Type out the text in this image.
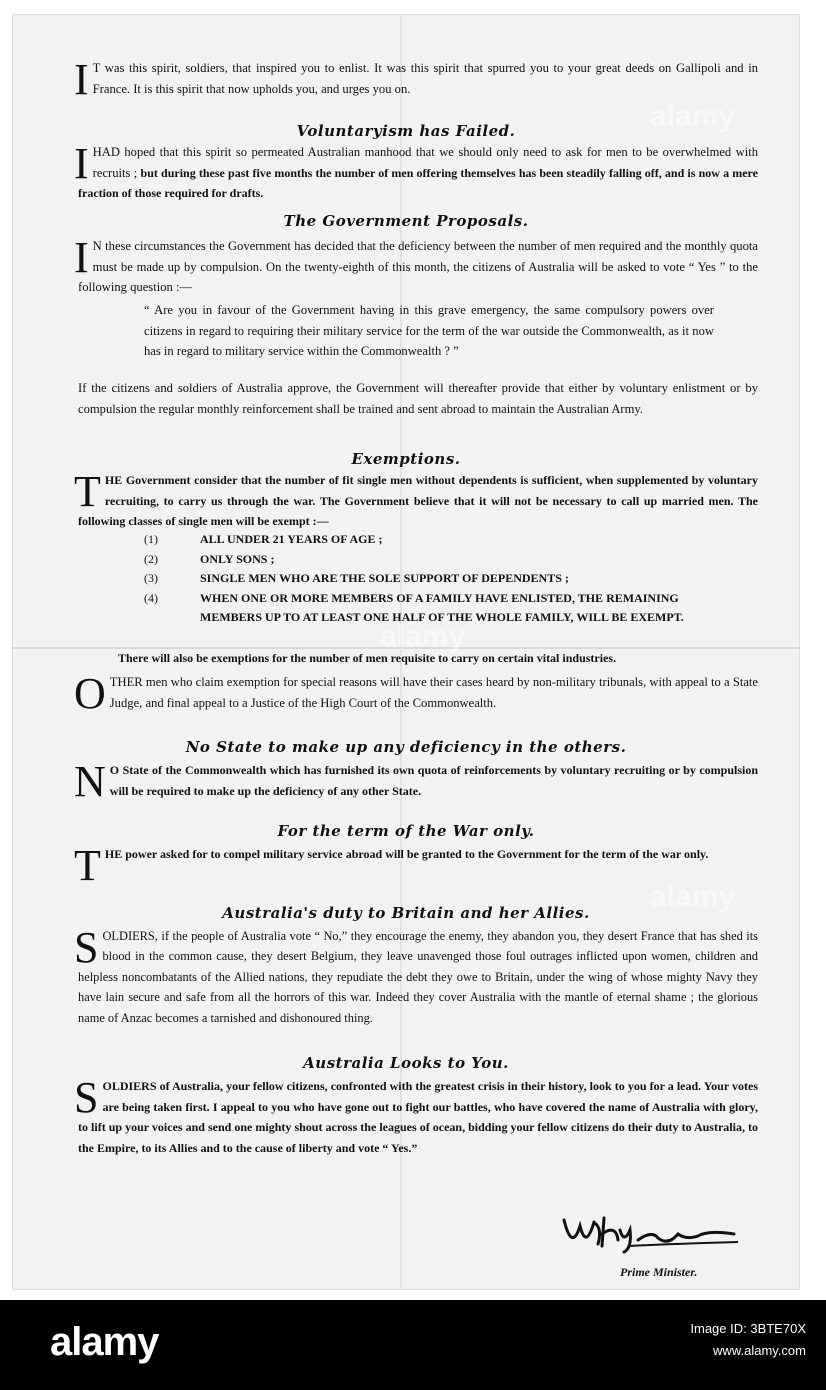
I T was this spirit, soldiers, that inspired you to enlist. It was this spirit that spurred you to your great deeds on Gallipoli and in France. It is this spirit that now upholds you, and urges you on.
Voluntaryism has Failed.
I HAD hoped that this spirit so permeated Australian manhood that we should only need to ask for men to be overwhelmed with recruits ; but during these past five months the number of men offering themselves has been steadily falling off, and is now a mere fraction of those required for drafts.
The Government Proposals.
I N these circumstances the Government has decided that the deficiency between the number of men required and the monthly quota must be made up by compulsion. On the twenty-eighth of this month, the citizens of Australia will be asked to vote “ Yes ” to the following question :—
“ Are you in favour of the Government having in this grave emergency, the same compulsory powers over citizens in regard to requiring their military service for the term of the war outside the Commonwealth, as it now has in regard to military service within the Commonwealth ? ”
If the citizens and soldiers of Australia approve, the Government will thereafter provide that either by voluntary enlistment or by compulsion the regular monthly reinforcement shall be trained and sent abroad to maintain the Australian Army.
Exemptions.
T HE Government consider that the number of fit single men without dependents is sufficient, when supplemented by voluntary recruiting, to carry us through the war. The Government believe that it will not be necessary to call up married men. The following classes of single men will be exempt :—
(1)	ALL UNDER 21 YEARS OF AGE ;
(2)	ONLY SONS ;
(3)	SINGLE MEN WHO ARE THE SOLE SUPPORT OF DEPENDENTS ;
(4)	WHEN ONE OR MORE MEMBERS OF A FAMILY HAVE ENLISTED, THE REMAINING MEMBERS UP TO AT LEAST ONE HALF OF THE WHOLE FAMILY, WILL BE EXEMPT.
There will also be exemptions for the number of men requisite to carry on certain vital industries.
O THER men who claim exemption for special reasons will have their cases heard by non-military tribunals, with appeal to a State Judge, and final appeal to a Justice of the High Court of the Commonwealth.
No State to make up any deficiency in the others.
N O State of the Commonwealth which has furnished its own quota of reinforcements by voluntary recruiting or by compulsion will be required to make up the deficiency of any other State.
For the term of the War only.
T HE power asked for to compel military service abroad will be granted to the Government for the term of the war only.
Australia's duty to Britain and her Allies.
S OLDIERS, if the people of Australia vote “ No,” they encourage the enemy, they abandon you, they desert France that has shed its blood in the common cause, they desert Belgium, they leave unavenged those foul outrages inflicted upon women, children and helpless noncombatants of the Allied nations, they repudiate the debt they owe to Britain, under the wing of whose mighty Navy they have lain secure and safe from all the horrors of this war. Indeed they cover Australia with the mantle of eternal shame ; the glorious name of Anzac becomes a tarnished and dishonoured thing.
Australia Looks to You.
S OLDIERS of Australia, your fellow citizens, confronted with the greatest crisis in their history, look to you for a lead. Your votes are being taken first. I appeal to you who have gone out to fight our battles, who have covered the name of Australia with glory, to lift up your voices and send one mighty shout across the leagues of ocean, bidding your fellow citizens do their duty to Australia, to the Empire, to its Allies and to the cause of liberty and vote “ Yes.”
Prime Minister.
alamy
alamy
alamy
alamy	Image ID: 3BTE70X
www.alamy.com
